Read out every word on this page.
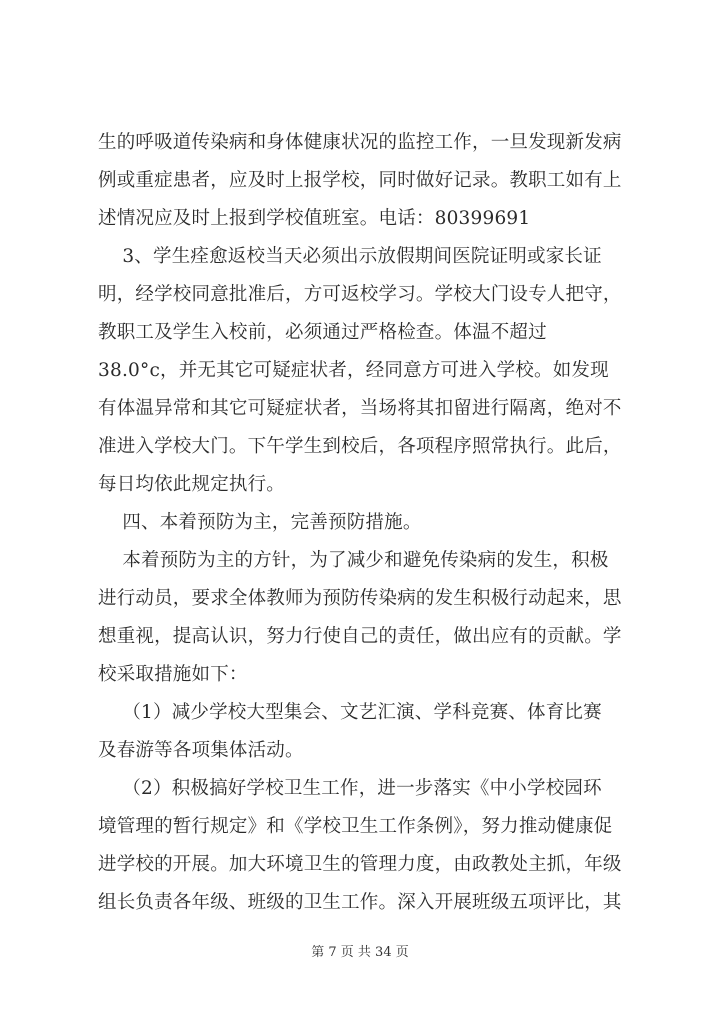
生的呼吸道传染病和身体健康状况的监控工作，一旦发现新发病
例或重症患者，应及时上报学校，同时做好记录。教职工如有上
述情况应及时上报到学校值班室。电话：80399691
3、学生痊愈返校当天必须出示放假期间医院证明或家长证
明，经学校同意批准后，方可返校学习。学校大门设专人把守，
教职工及学生入校前，必须通过严格检查。体温不超过
38.0°c，并无其它可疑症状者，经同意方可进入学校。如发现
有体温异常和其它可疑症状者，当场将其扣留进行隔离，绝对不
准进入学校大门。下午学生到校后，各项程序照常执行。此后，
每日均依此规定执行。
四、本着预防为主，完善预防措施。
本着预防为主的方针，为了减少和避免传染病的发生，积极
进行动员，要求全体教师为预防传染病的发生积极行动起来，思
想重视，提高认识，努力行使自己的责任，做出应有的贡献。学
校采取措施如下：
（1）减少学校大型集会、文艺汇演、学科竞赛、体育比赛
及春游等各项集体活动。
（2）积极搞好学校卫生工作，进一步落实《中小学校园环
境管理的暂行规定》和《学校卫生工作条例》，努力推动健康促
进学校的开展。加大环境卫生的管理力度，由政教处主抓，年级
组长负责各年级、班级的卫生工作。深入开展班级五项评比，其
第 7 页 共 34 页
